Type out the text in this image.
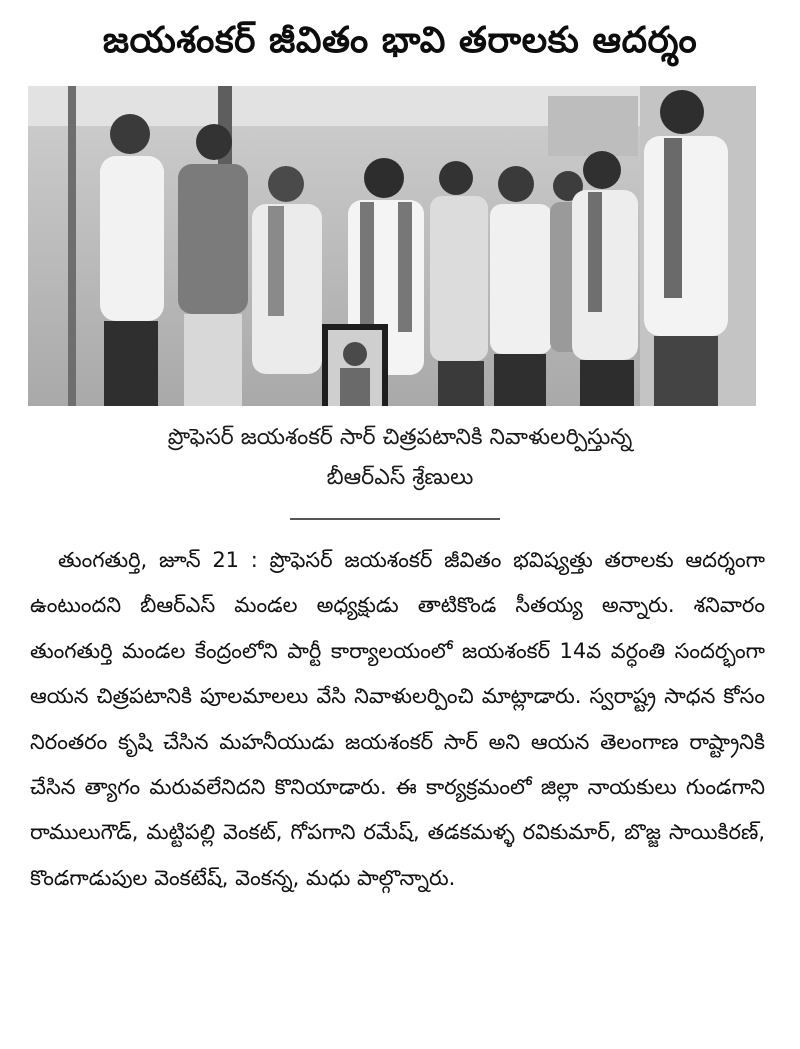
జయశంకర్ జీవితం భావి తరాలకు ఆదర్శం
ప్రొఫెసర్ జయశంకర్ సార్ చిత్రపటానికి నివాళులర్పిస్తున్న
బీఆర్ఎస్ శ్రేణులు
తుంగతుర్తి, జూన్ 21 : ప్రొఫెసర్ జయశంకర్ జీవితం భవిష్యత్తు తరాలకు ఆదర్శంగా ఉంటుందని బీఆర్ఎస్ మండల అధ్యక్షుడు తాటికొండ సీతయ్య అన్నారు. శనివారం తుంగతుర్తి మండల కేంద్రంలోని పార్టీ కార్యాలయంలో జయశంకర్ 14వ వర్ధంతి సందర్భంగా ఆయన చిత్రపటానికి పూలమాలలు వేసి నివాళులర్పించి మాట్లాడారు. స్వరాష్ట్ర సాధన కోసం నిరంతరం కృషి చేసిన మహనీయుడు జయశంకర్ సార్ అని ఆయన తెలంగాణ రాష్ట్రానికి చేసిన త్యాగం మరువలేనిదని కొనియాడారు. ఈ కార్యక్రమంలో జిల్లా నాయకులు గుండగాని రాములుగౌడ్, మట్టిపల్లి వెంకట్, గోపగాని రమేష్, తడకమళ్ళ రవికుమార్, బొజ్జ సాయికిరణ్, కొండగాడుపుల వెంకటేష్, వెంకన్న, మధు పాల్గొన్నారు.
